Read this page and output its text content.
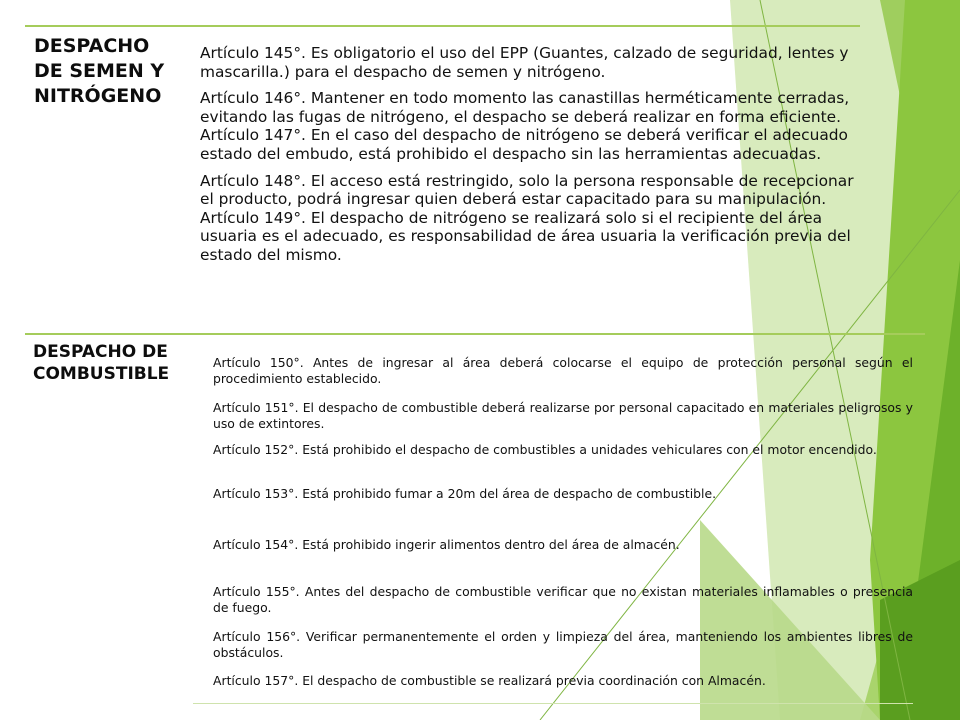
DESPACHO DE SEMEN Y NITRÓGENO

Artículo 145°. Es obligatorio el uso del EPP (Guantes, calzado de seguridad, lentes y mascarilla.) para el despacho de semen y nitrógeno.

Artículo 146°. Mantener en todo momento las canastillas herméticamente cerradas, evitando las fugas de nitrógeno, el despacho se deberá realizar en forma eficiente. Artículo 147°. En el caso del despacho de nitrógeno se deberá verificar el adecuado estado del embudo, está prohibido el despacho sin las herramientas adecuadas.

Artículo 148°. El acceso está restringido, solo la persona responsable de recepcionar el producto, podrá ingresar quien deberá estar capacitado para su manipulación. Artículo 149°. El despacho de nitrógeno se realizará solo si el recipiente del área usuaria es el adecuado, es responsabilidad de área usuaria la verificación previa del estado del mismo.

DESPACHO DE COMBUSTIBLE

Artículo 150°. Antes de ingresar al área deberá colocarse el equipo de protección personal según el procedimiento establecido.

Artículo 151°. El despacho de combustible deberá realizarse por personal capacitado en materiales peligrosos y uso de extintores.

Artículo 152°. Está prohibido el despacho de combustibles a unidades vehiculares con el motor encendido.

Artículo 153°. Está prohibido fumar a 20m del área de despacho de combustible.

Artículo 154°. Está prohibido ingerir alimentos dentro del área de almacén.

Artículo 155°. Antes del despacho de combustible verificar que no existan materiales inflamables o presencia de fuego.

Artículo 156°. Verificar permanentemente el orden y limpieza del área, manteniendo los ambientes libres de obstáculos.

Artículo 157°. El despacho de combustible se realizará previa coordinación con Almacén.
